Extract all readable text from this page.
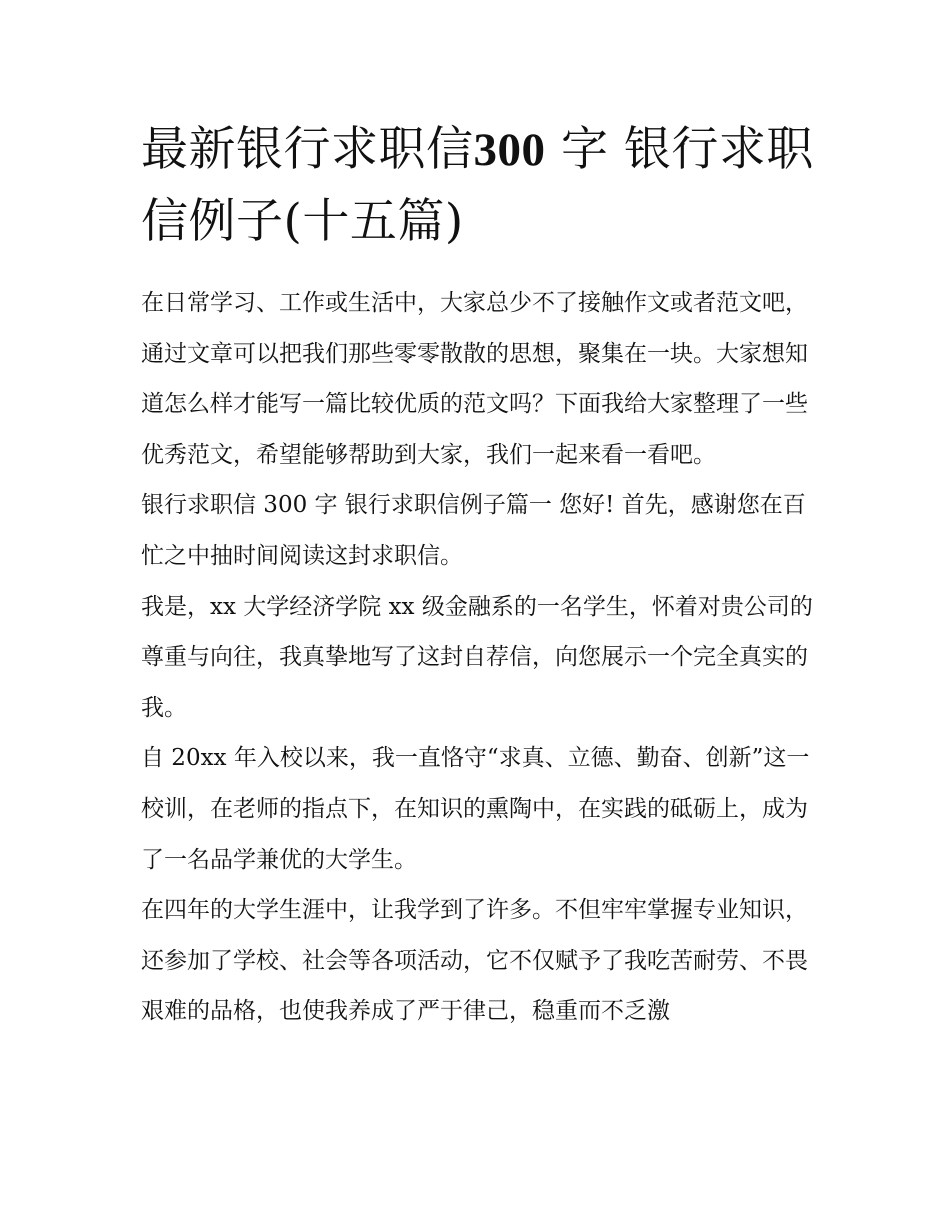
最新银行求职信300 字 银行求职信例子(十五篇)

在日常学习、工作或生活中，大家总少不了接触作文或者范文吧，通过文章可以把我们那些零零散散的思想，聚集在一块。大家想知道怎么样才能写一篇比较优质的范文吗？下面我给大家整理了一些优秀范文，希望能够帮助到大家，我们一起来看一看吧。

银行求职信 300 字 银行求职信例子篇一 您好! 首先，感谢您在百忙之中抽时间阅读这封求职信。

我是，xx 大学经济学院 xx 级金融系的一名学生，怀着对贵公司的尊重与向往，我真挚地写了这封自荐信，向您展示一个完全真实的我。

自 20xx 年入校以来，我一直恪守“求真、立德、勤奋、创新”这一校训，在老师的指点下，在知识的熏陶中，在实践的砥砺上，成为了一名品学兼优的大学生。

在四年的大学生涯中，让我学到了许多。不但牢牢掌握专业知识，还参加了学校、社会等各项活动，它不仅赋予了我吃苦耐劳、不畏艰难的品格，也使我养成了严于律己，稳重而不乏激
